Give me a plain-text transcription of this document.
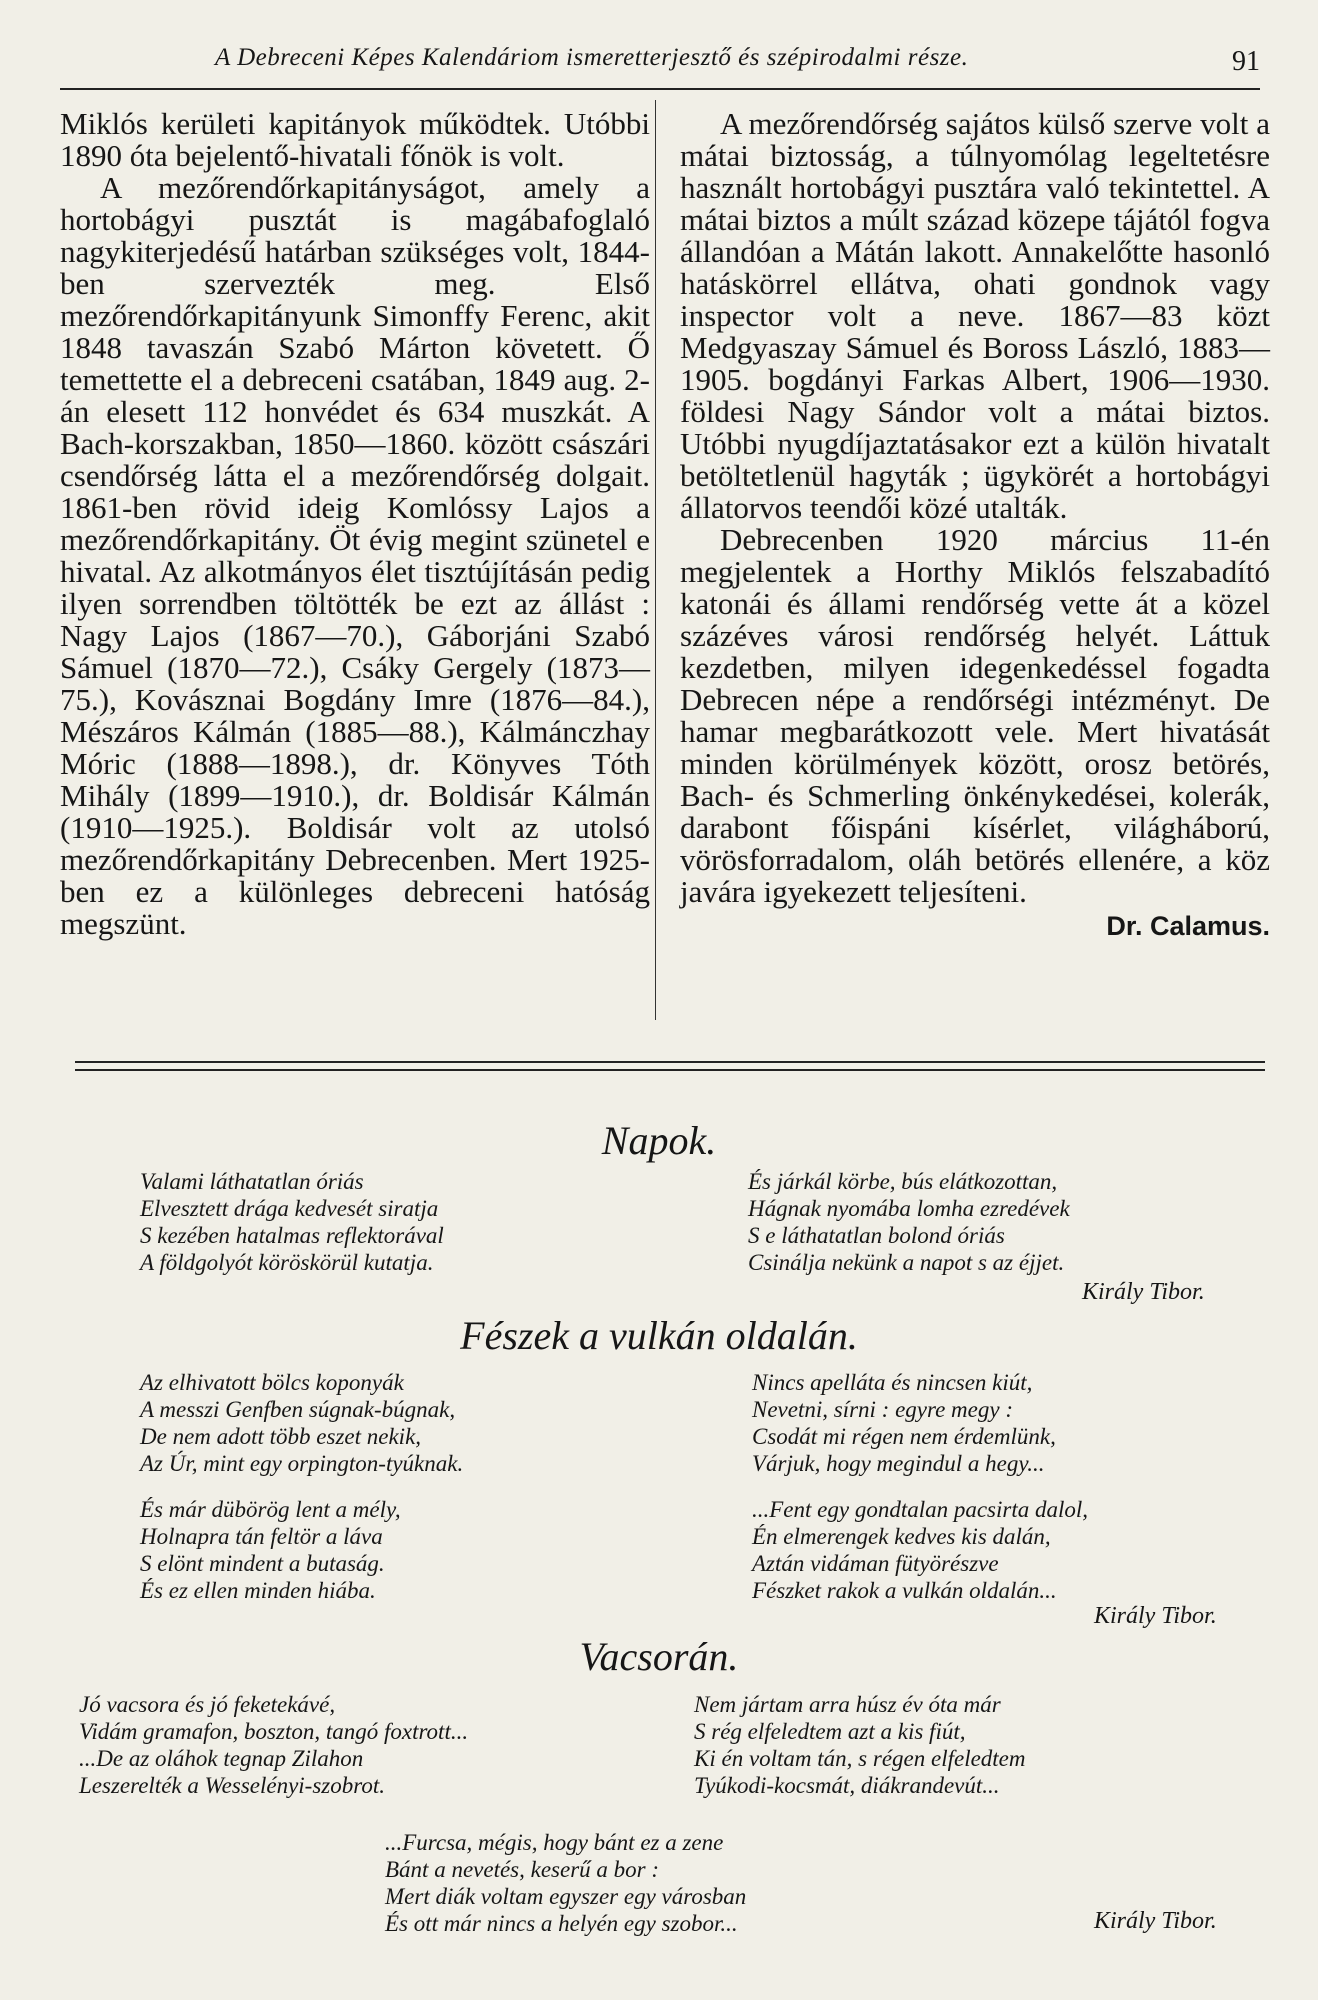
A Debreceni Képes Kalendáriom ismeretterjesztő és szépirodalmi része.	91

Miklós kerületi kapitányok működtek. Utóbbi 1890 óta bejelentő-hivatali főnök is volt.

A mezőrendőrkapitányságot, amely a hortobágyi pusztát is magábafoglaló nagykiterjedésű határban szükséges volt, 1844-ben szervezték meg. Első mezőrendőrkapitányunk Simonffy Ferenc, akit 1848 tavaszán Szabó Márton követett. Ő temettette el a debreceni csatában, 1849 aug. 2-án elesett 112 honvédet és 634 muszkát. A Bach-korszakban, 1850—1860. között császári csendőrség látta el a mezőrendőrség dolgait. 1861-ben rövid ideig Komlóssy Lajos a mezőrendőrkapitány. Öt évig megint szünetel e hivatal. Az alkotmányos élet tisztújításán pedig ilyen sorrendben töltötték be ezt az állást : Nagy Lajos (1867—70.), Gáborjáni Szabó Sámuel (1870—72.), Csáky Gergely (1873—75.), Kovásznai Bogdány Imre (1876—84.), Mészáros Kálmán (1885—88.), Kálmánczhay Móric (1888—1898.), dr. Könyves Tóth Mihály (1899—1910.), dr. Boldisár Kálmán (1910—1925.). Boldisár volt az utolsó mezőrendőrkapitány Debrecenben. Mert 1925-ben ez a különleges debreceni hatóság megszünt.

A mezőrendőrség sajátos külső szerve volt a mátai biztosság, a túlnyomólag legeltetésre használt hortobágyi pusztára való tekintettel. A mátai biztos a múlt század közepe tájától fogva állandóan a Mátán lakott. Annakelőtte hasonló hatáskörrel ellátva, ohati gondnok vagy inspector volt a neve. 1867—83 közt Medgyaszay Sámuel és Boross László, 1883—1905. bogdányi Farkas Albert, 1906—1930. földesi Nagy Sándor volt a mátai biztos. Utóbbi nyugdíjaztatásakor ezt a külön hivatalt betöltetlenül hagyták ; ügykörét a hortobágyi állatorvos teendői közé utalták.

Debrecenben 1920 március 11-én megjelentek a Horthy Miklós felszabadító katonái és állami rendőrség vette át a közel százéves városi rendőrség helyét. Láttuk kezdetben, milyen idegenkedéssel fogadta Debrecen népe a rendőrségi intézményt. De hamar megbarátkozott vele. Mert hivatását minden körülmények között, orosz betörés, Bach- és Schmerling önkénykedései, kolerák, darabont főispáni kísérlet, világháború, vörösforradalom, oláh betörés ellenére, a köz javára igyekezett teljesíteni.

Dr. Calamus.

Napok.
Valami láthatatlan óriás
Elvesztett drága kedvesét siratja
S kezében hatalmas reflektorával
A földgolyót köröskörül kutatja.
És járkál körbe, bús elátkozottan,
Hágnak nyomába lomha ezredévek
S e láthatatlan bolond óriás
Csinálja nekünk a napot s az éjjet.
Király Tibor.
Fészek a vulkán oldalán.
Az elhivatott bölcs koponyák
A messzi Genfben súgnak-búgnak,
De nem adott több eszet nekik,
Az Úr, mint egy orpington-tyúknak.
Nincs apelláta és nincsen kiút,
Nevetni, sírni : egyre megy :
Csodát mi régen nem érdemlünk,
Várjuk, hogy megindul a hegy...
És már dübörög lent a mély,
Holnapra tán feltör a láva
S elönt mindent a butaság.
És ez ellen minden hiába.
...Fent egy gondtalan pacsirta dalol,
Én elmerengek kedves kis dalán,
Aztán vidáman fütyörészve
Fészket rakok a vulkán oldalán...
Király Tibor.
Vacsorán.
Jó vacsora és jó feketekávé,
Vidám gramafon, boszton, tangó foxtrott...
...De az oláhok tegnap Zilahon
Leszerelték a Wesselényi-szobrot.
Nem jártam arra húsz év óta már
S rég elfeledtem azt a kis fiút,
Ki én voltam tán, s régen elfeledtem
Tyúkodi-kocsmát, diákrandevút...
...Furcsa, mégis, hogy bánt ez a zene
Bánt a nevetés, keserű a bor :
Mert diák voltam egyszer egy városban
És ott már nincs a helyén egy szobor...	Király Tibor.
